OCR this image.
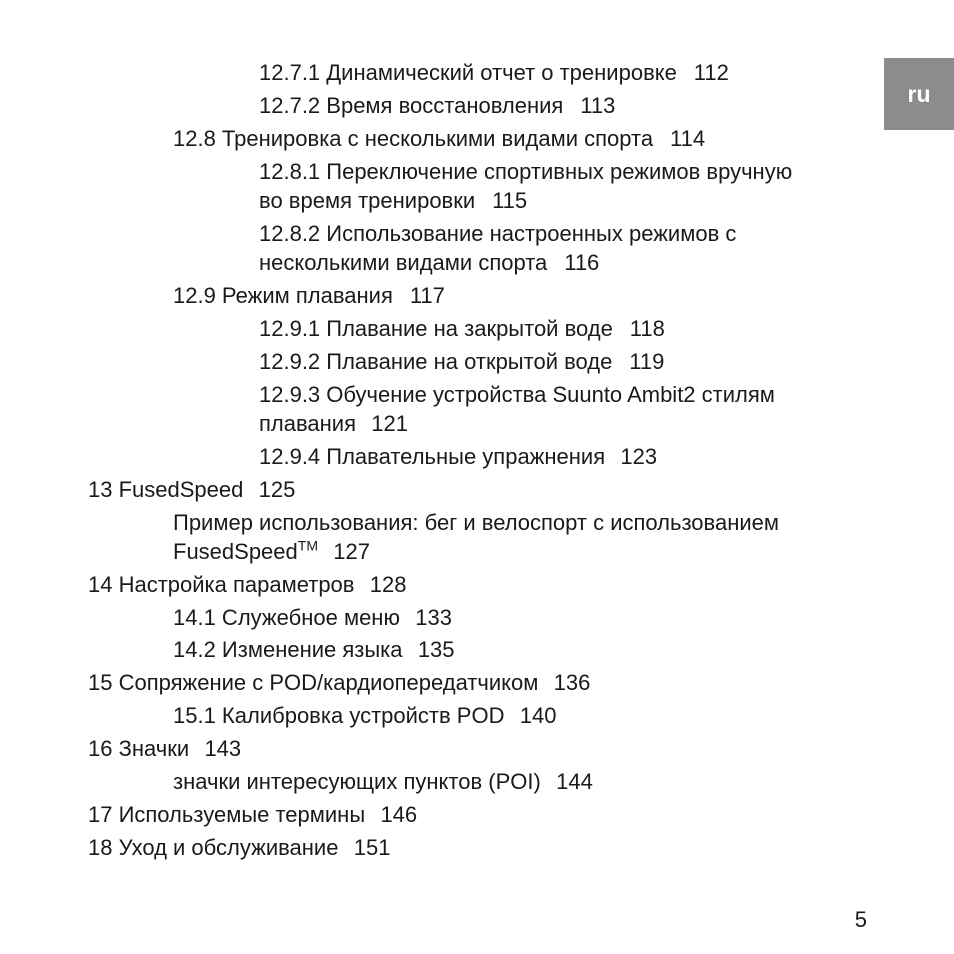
ru
12.7.1 Динамический отчет о тренировке 112
12.7.2 Время восстановления 113
12.8 Тренировка с несколькими видами спорта 114
12.8.1 Переключение спортивных режимов вручную
во время тренировки 115
12.8.2 Использование настроенных режимов с
несколькими видами спорта 116
12.9 Режим плавания 117
12.9.1 Плавание на закрытой воде 118
12.9.2 Плавание на открытой воде 119
12.9.3 Обучение устройства Suunto Ambit2 стилям
плавания 121
12.9.4 Плавательные упражнения 123
13 FusedSpeed 125
Пример использования: бег и велоспорт с использованием
FusedSpeed™ 127
14 Настройка параметров 128
14.1 Служебное меню 133
14.2 Изменение языка 135
15 Сопряжение с POD/кардиопередатчиком 136
15.1 Калибровка устройств POD 140
16 Значки 143
значки интересующих пунктов (POI) 144
17 Используемые термины 146
18 Уход и обслуживание 151
5
